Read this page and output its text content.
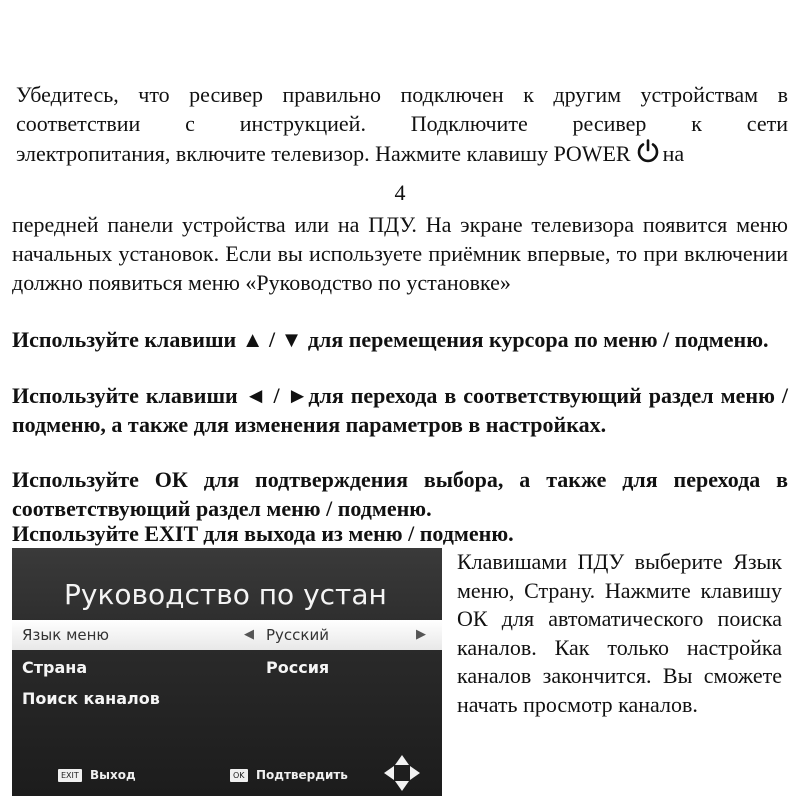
Убедитесь, что ресивер правильно подключен к другим устройствам в
соответствии с инструкцией. Подключите ресивер к сети
электропитания, включите телевизор. Нажмите клавишу POWER на
4

передней панели устройства или на ПДУ. На экране телевизора появится меню начальных установок. Если вы используете приёмник впервые, то при включении должно появиться меню «Руководство по установке»

Используйте клавиши ▲ / ▼ для перемещения курсора по меню / подменю.

Используйте клавиши ◄ / ►для перехода в соответствующий раздел меню / подменю, а также для изменения параметров в настройках.

Используйте ОК для подтверждения выбора, а также для перехода в соответствующий раздел меню / подменю.

Используйте EXIT для выхода из меню / подменю.

Руководство по устан
Язык меню	◀ Русский	▶
Страна	Россия
Поиск каналов
EXIT Выход	OK Подтвердить

Клавишами ПДУ выберите Язык меню, Страну. Нажмите клавишу ОК для автоматического поиска каналов. Как только настройка каналов закончится. Вы сможете начать просмотр каналов.
